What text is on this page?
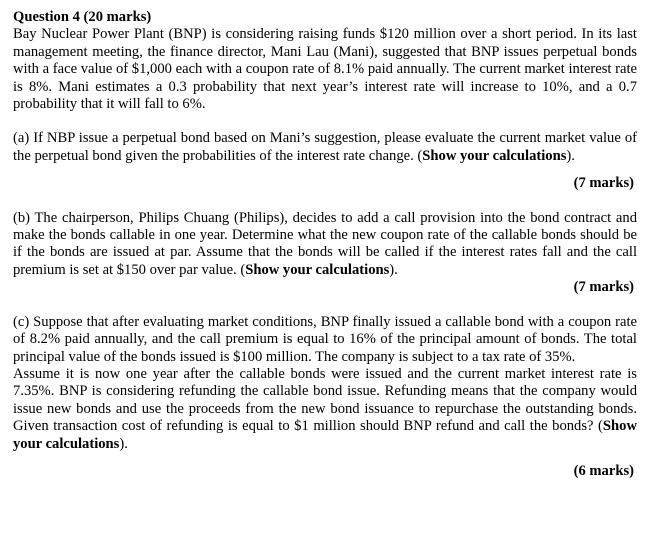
Question 4 (20 marks)

Bay Nuclear Power Plant (BNP) is considering raising funds $120 million over a short period. In its last management meeting, the finance director, Mani Lau (Mani), suggested that BNP issues perpetual bonds with a face value of $1,000 each with a coupon rate of 8.1% paid annually. The current market interest rate is 8%. Mani estimates a 0.3 probability that next year’s interest rate will increase to 10%, and a 0.7 probability that it will fall to 6%.

(a) If NBP issue a perpetual bond based on Mani’s suggestion, please evaluate the current market value of the perpetual bond given the probabilities of the interest rate change. (Show your calculations).

(7 marks)

(b) The chairperson, Philips Chuang (Philips), decides to add a call provision into the bond contract and make the bonds callable in one year. Determine what the new coupon rate of the callable bonds should be if the bonds are issued at par. Assume that the bonds will be called if the interest rates fall and the call premium is set at $150 over par value. (Show your calculations).

(7 marks)

(c) Suppose that after evaluating market conditions, BNP finally issued a callable bond with a coupon rate of 8.2% paid annually, and the call premium is equal to 16% of the principal amount of bonds. The total principal value of the bonds issued is $100 million. The company is subject to a tax rate of 35%.

Assume it is now one year after the callable bonds were issued and the current market interest rate is 7.35%. BNP is considering refunding the callable bond issue. Refunding means that the company would issue new bonds and use the proceeds from the new bond issuance to repurchase the outstanding bonds. Given transaction cost of refunding is equal to $1 million should BNP refund and call the bonds? (Show your calculations).

(6 marks)
